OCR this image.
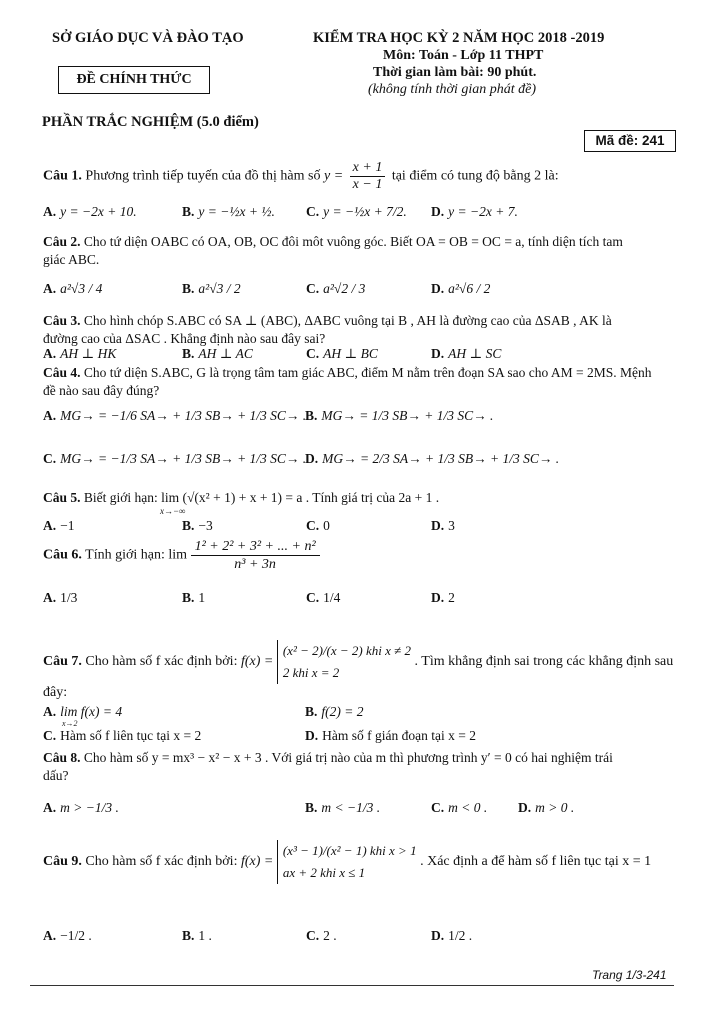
SỞ GIÁO DỤC VÀ ĐÀO TẠO
ĐỀ CHÍNH THỨC
KIỂM TRA HỌC KỲ 2 NĂM HỌC 2018 -2019
Môn: Toán - Lớp 11 THPT
Thời gian làm bài: 90 phút.
(không tính thời gian phát đề)
PHẦN TRẮC NGHIỆM (5.0 điểm)
Mã đề: 241
Câu 1. Phương trình tiếp tuyến của đồ thị hàm số $y = \frac{x + 1}{x - 1}$ tại điểm có tung độ bằng 2 là:
A. y = −2x + 10.	B. y = −½x + ½. C. y = −½x + 7/2. D. y = −2x + 7.
Câu 2. Cho tứ diện OABC có OA, OB, OC đôi môt vuông góc. Biết OA = OB = OC = a, tính diện tích tam
giác ABC.
A. a²√3 / 4	B. a²√3 / 2	C. a²√2 / 3	D. a²√6 / 2
Câu 3. Cho hình chóp S.ABC có SA ⊥ (ABC), ΔABC vuông tại B , AH là đường cao của ΔSAB , AK là
đường cao của ΔSAC . Khẳng định nào sau đây sai?
A. AH ⊥ HK	B. AH ⊥ AC	C. AH ⊥ BC	D. AH ⊥ SC
Câu 4. Cho tứ diện S.ABC, G là trọng tâm tam giác ABC, điểm M nằm trên đoạn SA sao cho AM = 2MS. Mệnh
đề nào sau đây đúng?
A. MG→ = −1/6 SA→ + 1/3 SB→ + 1/3 SC→ .
B. MG→ = 1/3 SB→ + 1/3 SC→ .
C. MG→ = −1/3 SA→ + 1/3 SB→ + 1/3 SC→ .
D. MG→ = 2/3 SA→ + 1/3 SB→ + 1/3 SC→ .
Câu 5. Biết giới hạn: lim (√(x² + 1) + x + 1) = a . Tính giá trị của 2a + 1 .
x→−∞
A. −1	B. −3	C. 0	D. 3
Câu 6. Tính giới hạn: $\lim \frac{\text{1² + 2² + 3² + ... + n²}}{\text{n³ + 3n}}$
A. 1/3	B. 1	C. 1/4	D. 2
Câu 7. Cho hàm số f xác định bởi: f(x) =
(x² − 2)/(x − 2) khi x ≠ 2
2 khi x = 2
. Tìm khẳng định sai trong các khẳng định sau
đây:
A. lim f(x) = 4
x→2
B. f(2) = 2
C. Hàm số f liên tục tại x = 2	D. Hàm số f gián đoạn tại x = 2
Câu 8. Cho hàm số y = mx³ − x² − x + 3 . Với giá trị nào của m thì phương trình y′ = 0 có hai nghiệm trái
dấu?
A. m > −1/3 .	B. m < −1/3 .	C. m < 0 . D. m > 0 .
Câu 9. Cho hàm số f xác định bởi: f(x) =
(x³ − 1)/(x² − 1) khi x > 1
ax + 2 khi x ≤ 1
. Xác định a để hàm số f liên tục tại x = 1
A. −1/2 .	B. 1 .	C. 2 .	D. 1/2 .
Trang 1/3-241
